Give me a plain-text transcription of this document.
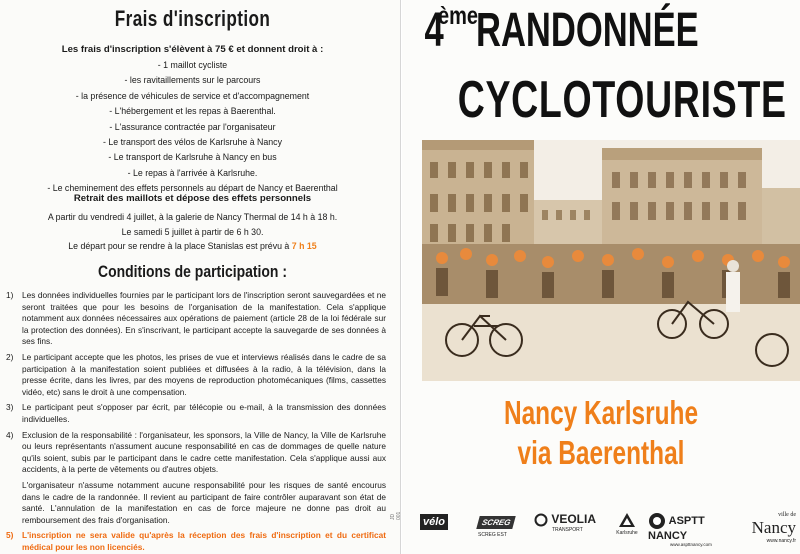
Frais d'inscription
Les frais d'inscription s'élèvent à 75 € et donnent droit à :
- 1 maillot cycliste
- les ravitaillements sur le parcours
- la présence de véhicules de service et d'accompagnement
- L'hébergement et les repas à Baerenthal.
- L'assurance contractée par l'organisateur
- Le transport des vélos de Karlsruhe à Nancy
- Le transport de Karlsruhe à Nancy en bus
- Le repas à l'arrivée à Karlsruhe.
- Le cheminement des effets personnels au départ de Nancy et Baerenthal
Retrait des maillots et dépose des effets personnels

A partir du vendredi 4 juillet, à la galerie de Nancy Thermal de 14 h à 18 h.

Le samedi 5 juillet à partir de 6 h 30.

Le départ pour se rendre à la place Stanislas est prévu à 7 h 15

Conditions de participation :
1) Les données individuelles fournies par le participant lors de l'inscription seront sauvegardées et ne seront traitées que pour les besoins de l'organisation de la manifestation. Cela s'applique notamment aux données nécessaires aux opérations de paiement (article 28 de la loi fédérale sur la protection des données). En s'inscrivant, le participant accepte la sauvegarde de ses données à ses fins.
2) Le participant accepte que les photos, les prises de vue et interviews réalisés dans le cadre de sa participation à la manifestation soient publiées et diffusées à la radio, à la télévision, dans la presse écrite, dans les livres, par des moyens de reproduction photomécaniques (films, cassettes vidéo, etc) sans le droit à une compensation.
3) Le participant peut s'opposer par écrit, par télécopie ou e-mail, à la transmission des données individuelles.
4) Exclusion de la responsabilité : l'organisateur, les sponsors, la Ville de Nancy, la Ville de Karlsruhe ou leurs représentants n'assument aucune responsabilité en cas de dommages de quelle nature qu'ils soient, subis par le participant dans le cadre cette manifestation. Cela s'applique aussi aux accidents, à la perte de vêtements ou d'autres objets.
L'organisateur n'assume notamment aucune responsabilité pour les risques de santé encourus dans le cadre de la randonnée. Il revient au participant de faire contrôler auparavant son état de santé. L'annulation de la manifestation en cas de force majeure ne donne pas droit au remboursement des frais d'organisation.
5) L'inscription ne sera valide qu'après la réception des frais d'inscription et du certificat médical pour les non licenciés.
JD 001
4ème RANDONNÉE
CYCLOTOURISTE
Nancy Karlsruhe
via Baerenthal
vélo	SCREG
SCREG EST
VEOLIA
TRANSPORT
Karlsruhe
ASPTT NANCY
www.aspttnancy.com
ville de
Nancy
www.nancy.fr
